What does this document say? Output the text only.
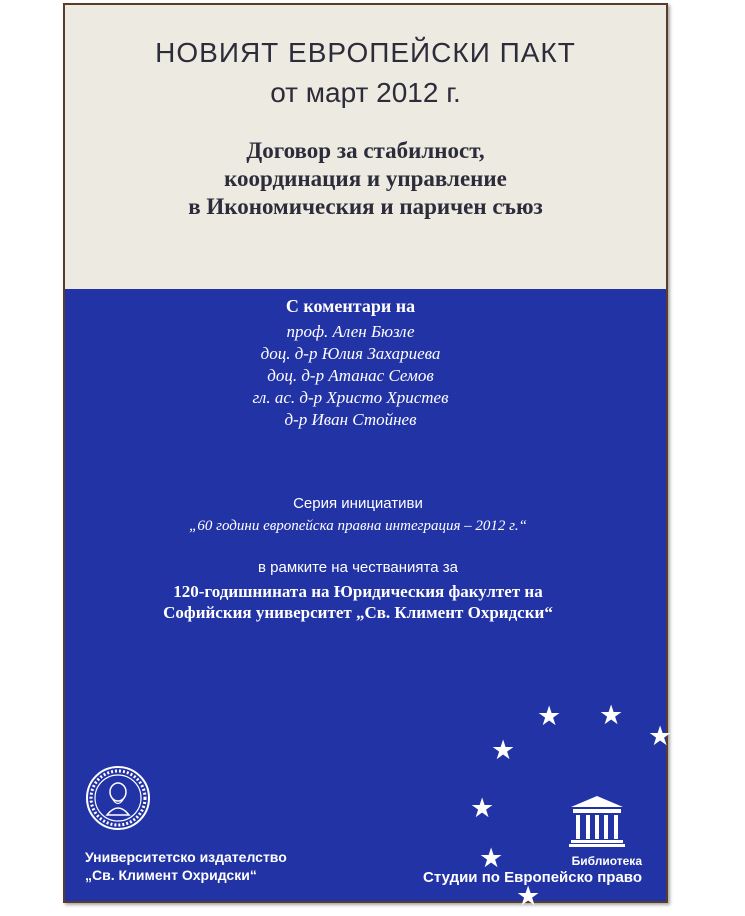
НОВИЯТ ЕВРОПЕЙСКИ ПАКТ
от март 2012 г.
Договор за стабилност,
координация и управление
в Икономическия и паричен съюз
С коментари на
проф. Ален Бюзле
доц. д-р Юлия Захариева
доц. д-р Атанас Семов
гл. ас. д-р Христо Христев
д-р Иван Стойнев
Серия инициативи
„60 години европейска правна интеграция – 2012 г.“
в рамките на честванията за
120-годишнината на Юридическия факултет на
Софийския университет „Св. Климент Охридски“
★ ★
★
★
★
★
★
Университетско издателство
„Св. Климент Охридски“
Библиотека
Студии по Европейско право
